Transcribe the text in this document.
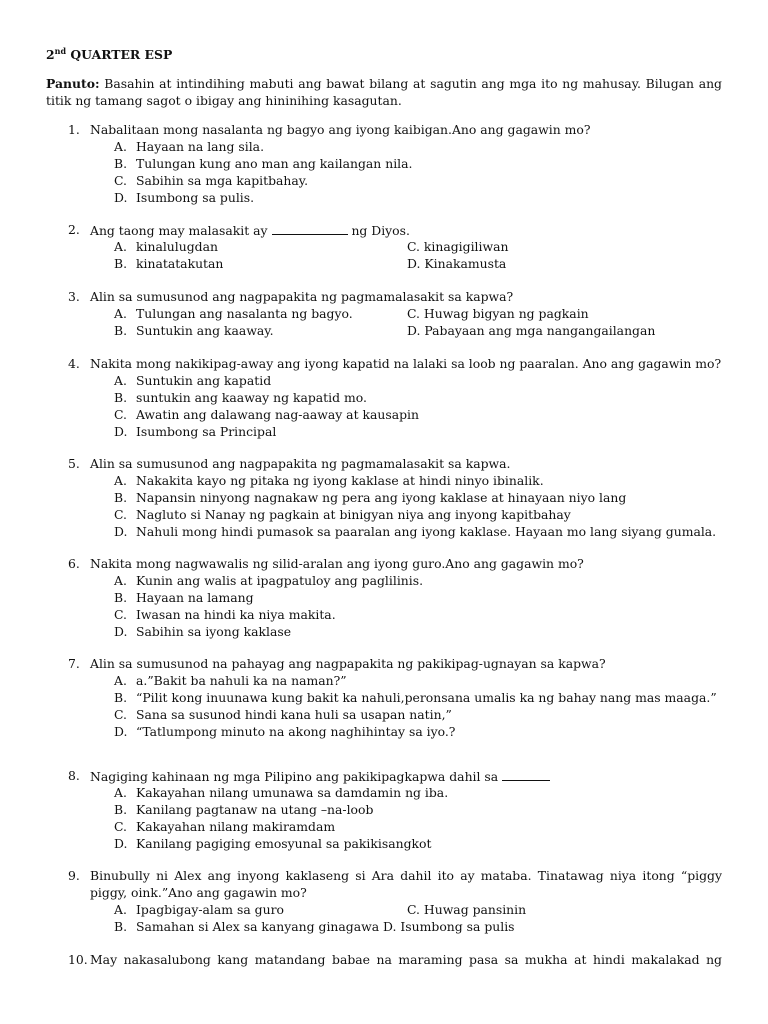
2nd QUARTER ESP
Panuto: Basahin at intindihing mabuti ang bawat bilang at sagutin ang mga ito ng mahusay. Bilugan ang titik ng tamang sagot o ibigay ang hininihing kasagutan.
1. Nabalitaan mong nasalanta ng bagyo ang iyong kaibigan.Ano ang gagawin mo?
A. Hayaan na lang sila.
B. Tulungan kung ano man ang kailangan nila.
C. Sabihin sa mga kapitbahay.
D. Isumbong sa pulis.
2. Ang taong may malasakit ay	ng Diyos.
A. kinalulugdan
B. kinatatakutan
C. kinagigiliwan
D. Kinakamusta
3. Alin sa sumusunod ang nagpapakita ng pagmamalasakit sa kapwa?
A. Tulungan ang nasalanta ng bagyo.
B. Suntukin ang kaaway.
C. Huwag bigyan ng pagkain
D. Pabayaan ang mga nangangailangan
4. Nakita mong nakikipag-away ang iyong kapatid na lalaki sa loob ng paaralan. Ano ang gagawin mo?
A. Suntukin ang kapatid
B. suntukin ang kaaway ng kapatid mo.
C. Awatin ang dalawang nag-aaway at kausapin
D. Isumbong sa Principal
5. Alin sa sumusunod ang nagpapakita ng pagmamalasakit sa kapwa.
A. Nakakita kayo ng pitaka ng iyong kaklase at hindi ninyo ibinalik.
B. Napansin ninyong nagnakaw ng pera ang iyong kaklase at hinayaan niyo lang
C. Nagluto si Nanay ng pagkain at binigyan niya ang inyong kapitbahay
D. Nahuli mong hindi pumasok sa paaralan ang iyong kaklase. Hayaan mo lang siyang gumala.
6. Nakita mong nagwawalis ng silid-aralan ang iyong guro.Ano ang gagawin mo?
A. Kunin ang walis at ipagpatuloy ang paglilinis.
B. Hayaan na lamang
C. Iwasan na hindi ka niya makita.
D. Sabihin sa iyong kaklase
7. Alin sa sumusunod na pahayag ang nagpapakita ng pakikipag-ugnayan sa kapwa?
A. a.”Bakit ba nahuli ka na naman?”
B. “Pilit kong inuunawa kung bakit ka nahuli,peronsana umalis ka ng bahay nang mas maaga.”
C. Sana sa susunod hindi kana huli sa usapan natin,”
D. “Tatlumpong minuto na akong naghihintay sa iyo.?
8. Nagiging kahinaan ng mga Pilipino ang pakikipagkapwa dahil sa
A. Kakayahan nilang umunawa sa damdamin ng iba.
B. Kanilang pagtanaw na utang –na-loob
C. Kakayahan nilang makiramdam
D. Kanilang pagiging emosyunal sa pakikisangkot
9. Binubully ni Alex ang inyong kaklaseng si Ara dahil ito ay mataba. Tinatawag niya itong “piggy piggy, oink.”Ano ang gagawin mo?
A. Ipagbigay-alam sa guro
B. Samahan si Alex sa kanyang ginagawa D. Isumbong sa pulis
C. Huwag pansinin
10. May nakasalubong kang matandang babae na maraming pasa sa mukha at hindi makalakad ng
